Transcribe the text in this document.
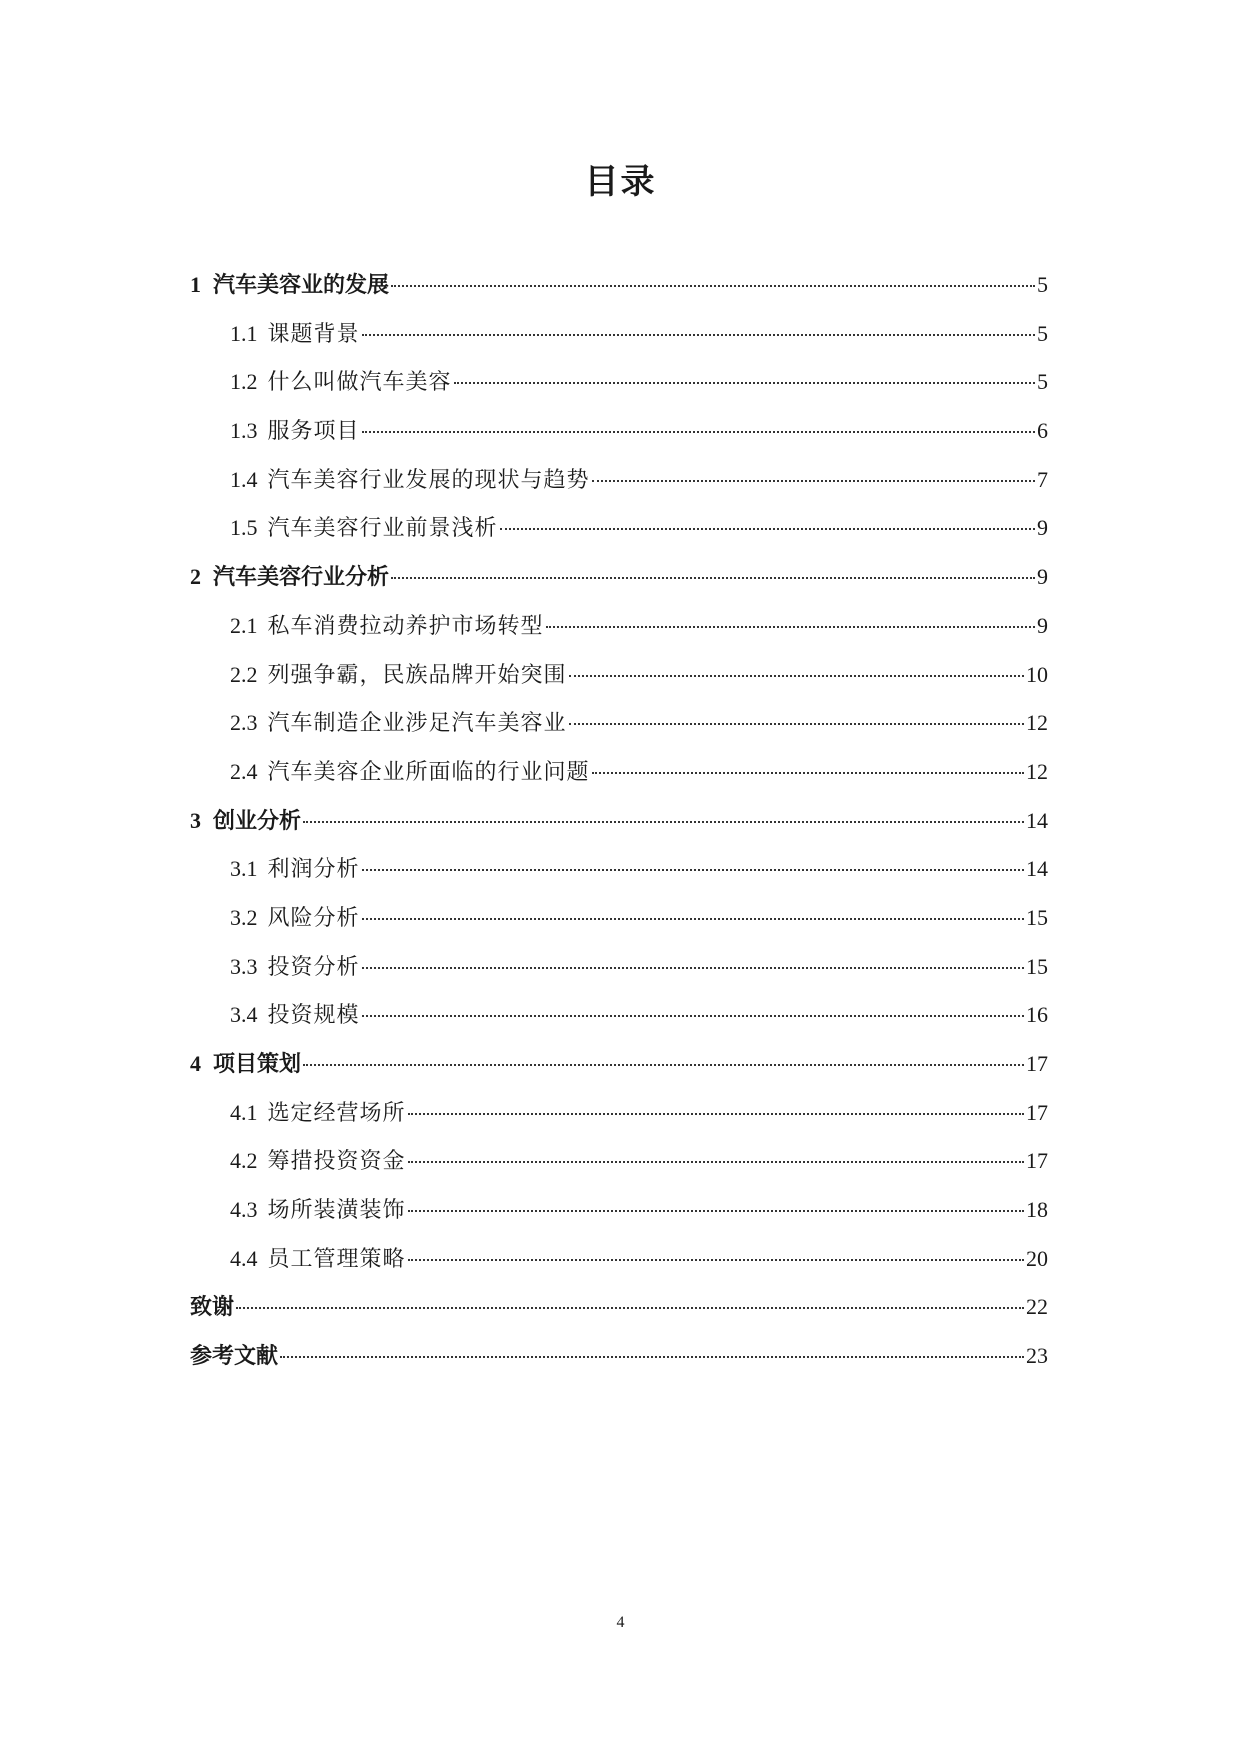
目录
1 汽车美容业的发展	5
1.1 课题背景	5
1.2 什么叫做汽车美容	5
1.3 服务项目	6
1.4 汽车美容行业发展的现状与趋势	7
1.5 汽车美容行业前景浅析	9
2 汽车美容行业分析	9
2.1 私车消费拉动养护市场转型	9
2.2 列强争霸，民族品牌开始突围	10
2.3 汽车制造企业涉足汽车美容业	12
2.4 汽车美容企业所面临的行业问题	12
3 创业分析	14
3.1 利润分析	14
3.2 风险分析	15
3.3 投资分析	15
3.4 投资规模	16
4 项目策划	17
4.1 选定经营场所	17
4.2 筹措投资资金	17
4.3 场所装潢装饰	18
4.4 员工管理策略	20
致谢	22
参考文献	23
4
